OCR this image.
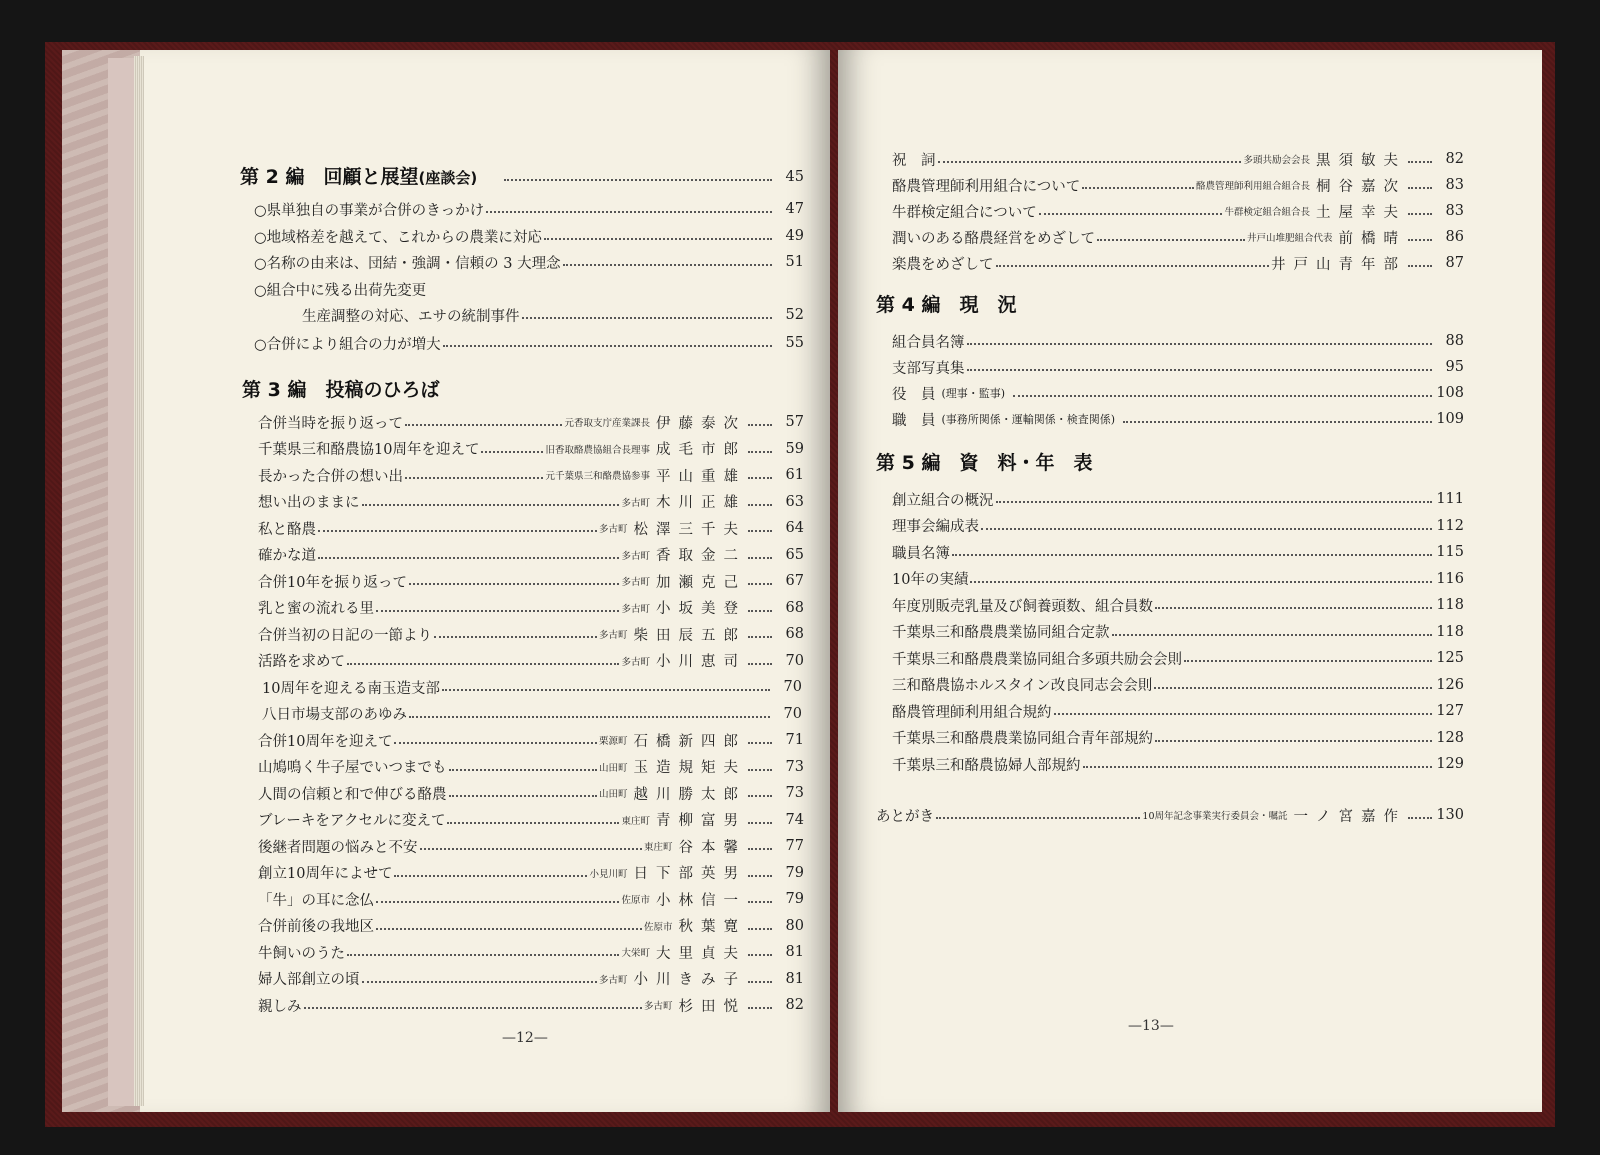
第 2 編　 回顧と展望(座談会)	45
○県単独自の事業が合併のきっかけ	47
○地域格差を越えて、これからの農業に対応	49
○名称の由来は、団結・強調・信頼の 3 大理念	51
○組合中に残る出荷先変更
生産調整の対応、エサの統制事件	52
○合併により組合の力が増大	55
第 3 編　 投稿のひろば
合併当時を振り返って	元香取支庁産業課長 伊藤泰次	57
千葉県三和酪農協10周年を迎えて	旧香取酪農協組合長理事 成毛市郎	59
長かった合併の想い出	元千葉県三和酪農協参事 平山重雄	61
想い出のままに	多古町 木川正雄	63
私と酪農	多古町 松澤三千夫	64
確かな道	多古町 香取金二	65
合併10年を振り返って	多古町 加瀬克己	67
乳と蜜の流れる里	多古町 小坂美登	68
合併当初の日記の一節より	多古町 柴田辰五郎	68
活路を求めて	多古町 小川恵司	70
10周年を迎える南玉造支部	70
八日市場支部のあゆみ	70
合併10周年を迎えて	栗源町 石橋新四郎	71
山鳩鳴く牛子屋でいつまでも	山田町 玉造規矩夫	73
人間の信頼と和で伸びる酪農	山田町 越川勝太郎	73
ブレーキをアクセルに変えて	東庄町 青柳富男	74
後継者問題の悩みと不安	東庄町 谷本馨	77
創立10周年によせて	小見川町 日下部英男	79
「牛」の耳に念仏	佐原市 小林信一	79
合併前後の我地区	佐原市 秋葉寛	80
牛飼いのうた	大栄町 大里貞夫	81
婦人部創立の頃	多古町 小川きみ子	81
親しみ	多古町 杉田悦	82
—12—
祝　詞	多頭共励会会長 黒須敏夫	82
酪農管理師利用組合について	酪農管理師利用組合組合長 桐谷嘉次	83
牛群検定組合について	牛群検定組合組合長 土屋幸夫	83
潤いのある酪農経営をめざして	井戸山堆肥組合代表 前橋晴	86
楽農をめざして	井戸山青年部	87
第 4 編　 現　況
組合員名簿	88
支部写真集	95
役　員 (理事・監事)	108
職　員 (事務所関係・運輸関係・検査関係)	109
第 5 編　 資　料・年　表
創立組合の概況	111
理事会編成表	112
職員名簿	115
10年の実績	116
年度別販売乳量及び飼養頭数、組合員数	118
千葉県三和酪農農業協同組合定款	118
千葉県三和酪農農業協同組合多頭共励会会則	125
三和酪農協ホルスタイン改良同志会会則	126
酪農管理師利用組合規約	127
千葉県三和酪農農業協同組合青年部規約	128
千葉県三和酪農協婦人部規約	129
あとがき	10周年記念事業実行委員会・嘱託 一ノ宮嘉作 130
—13—
